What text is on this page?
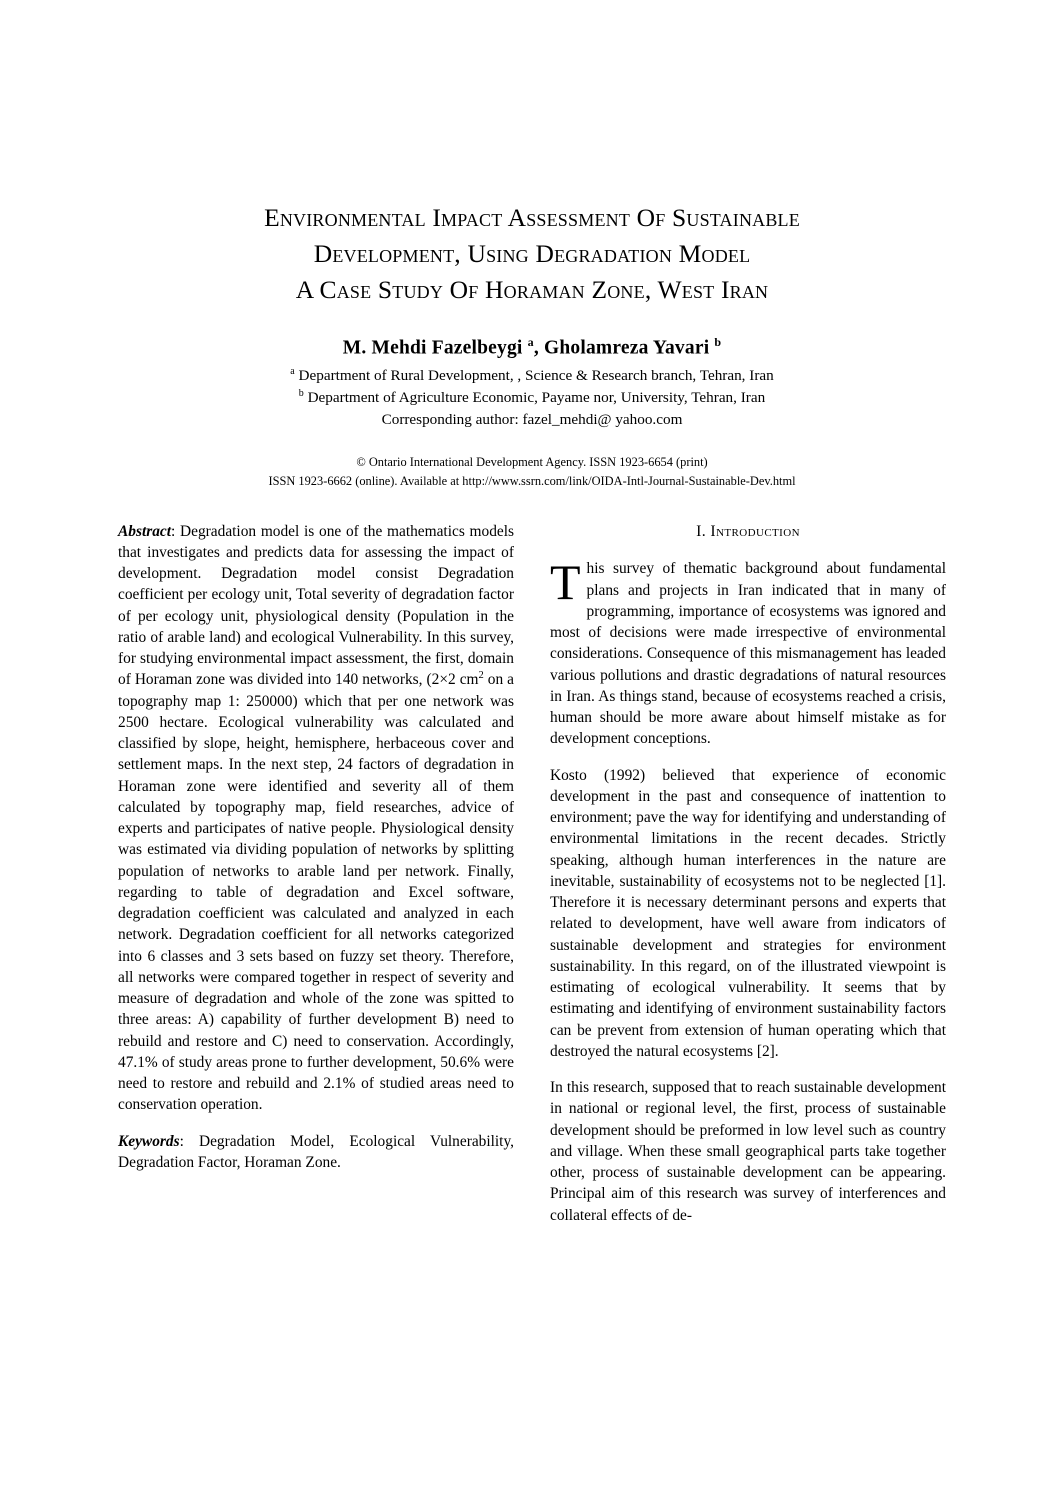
Environmental Impact Assessment Of Sustainable
Development, Using Degradation Model
A Case Study Of Horaman Zone, West Iran
M. Mehdi Fazelbeygi $^a$, Gholamreza Yavari $^b$
$^a$ Department of Rural Development, , Science & Research branch, Tehran, Iran
$^b$ Department of Agriculture Economic, Payame nor, University, Tehran, Iran
Corresponding author: fazel_mehdi@ yahoo.com
© Ontario International Development Agency. ISSN 1923-6654 (print)
ISSN 1923-6662 (online). Available at http://www.ssrn.com/link/OIDA-Intl-Journal-Sustainable-Dev.html

Abstract: Degradation model is one of the mathematics models that investigates and predicts data for assessing the impact of development. Degradation model consist Degradation coefficient per ecology unit, Total severity of degradation factor of per ecology unit, physiological density (Population in the ratio of arable land) and ecological Vulnerability. In this survey, for studying environmental impact assessment, the first, domain of Horaman zone was divided into 140 networks, (2×2 $cm^2$ on a topography map 1: 250000) which that per one network was 2500 hectare. Ecological vulnerability was calculated and classified by slope, height, hemisphere, herbaceous cover and settlement maps. In the next step, 24 factors of degradation in Horaman zone were identified and severity all of them calculated by topography map, field researches, advice of experts and participates of native people. Physiological density was estimated via dividing population of networks by splitting population of networks to arable land per network. Finally, regarding to table of degradation and Excel software, degradation coefficient was calculated and analyzed in each network. Degradation coefficient for all networks categorized into 6 classes and 3 sets based on fuzzy set theory. Therefore, all networks were compared together in respect of severity and measure of degradation and whole of the zone was spitted to three areas: A) capability of further development B) need to rebuild and restore and C) need to conservation. Accordingly, 47.1% of study areas prone to further development, 50.6% were need to restore and rebuild and 2.1% of studied areas need to conservation operation.

Keywords: Degradation Model, Ecological Vulnerability, Degradation Factor, Horaman Zone.

I. Introduction

This survey of thematic background about fundamental plans and projects in Iran indicated that in many of programming, importance of ecosystems was ignored and most of decisions were made irrespective of environmental considerations. Consequence of this mismanagement has leaded various pollutions and drastic degradations of natural resources in Iran. As things stand, because of ecosystems reached a crisis, human should be more aware about himself mistake as for development conceptions.

Kosto (1992) believed that experience of economic development in the past and consequence of inattention to environment; pave the way for identifying and understanding of environmental limitations in the recent decades. Strictly speaking, although human interferences in the nature are inevitable, sustainability of ecosystems not to be neglected [1]. Therefore it is necessary determinant persons and experts that related to development, have well aware from indicators of sustainable development and strategies for environment sustainability. In this regard, on of the illustrated viewpoint is estimating of ecological vulnerability. It seems that by estimating and identifying of environment sustainability factors can be prevent from extension of human operating which that destroyed the natural ecosystems [2].

In this research, supposed that to reach sustainable development in national or regional level, the first, process of sustainable development should be preformed in low level such as country and village. When these small geographical parts take together other, process of sustainable development can be appearing. Principal aim of this research was survey of interferences and collateral effects of de-
